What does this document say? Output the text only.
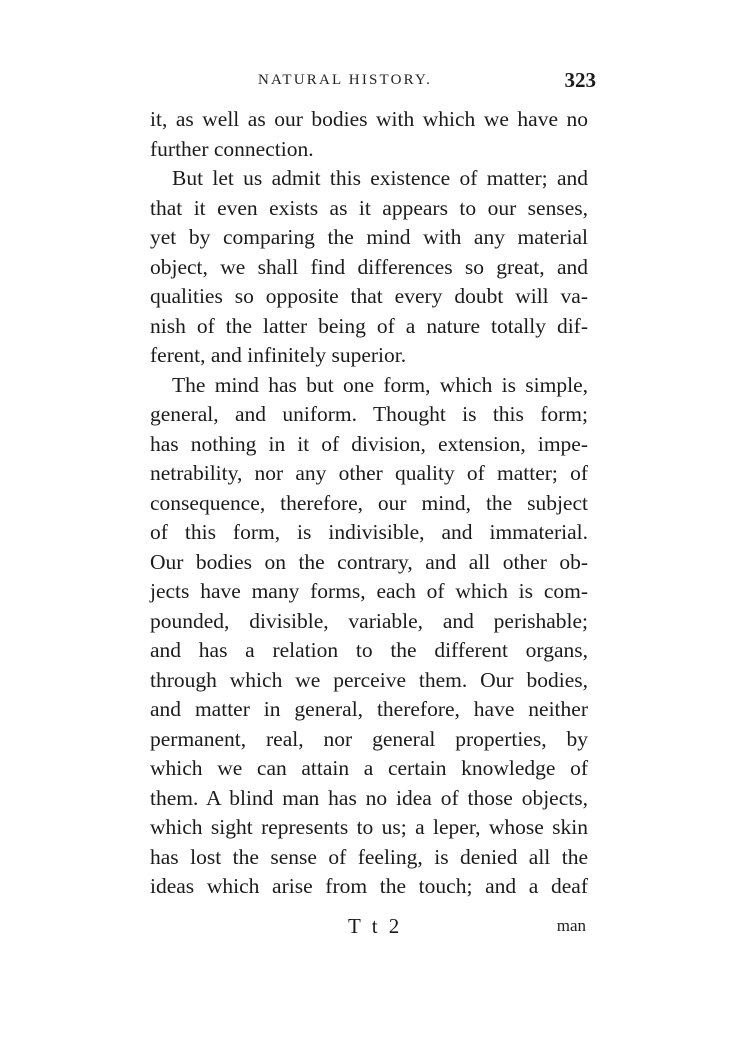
NATURAL HISTORY.	323
it, as well as our bodies with which we have no
further connection.
But let us admit this existence of matter; and
that it even exists as it appears to our senses,
yet by comparing the mind with any material
object, we shall find differences so great, and
qualities so opposite that every doubt will va-
nish of the latter being of a nature totally dif-
ferent, and infinitely superior.
The mind has but one form, which is simple,
general, and uniform. Thought is this form;
has nothing in it of division, extension, impe-
netrability, nor any other quality of matter; of
consequence, therefore, our mind, the subject
of this form, is indivisible, and immaterial.
Our bodies on the contrary, and all other ob-
jects have many forms, each of which is com-
pounded, divisible, variable, and perishable;
and has a relation to the different organs,
through which we perceive them. Our bodies,
and matter in general, therefore, have neither
permanent, real, nor general properties, by
which we can attain a certain knowledge of
them. A blind man has no idea of those objects,
which sight represents to us; a leper, whose skin
has lost the sense of feeling, is denied all the
ideas which arise from the touch; and a deaf
T t 2	man
